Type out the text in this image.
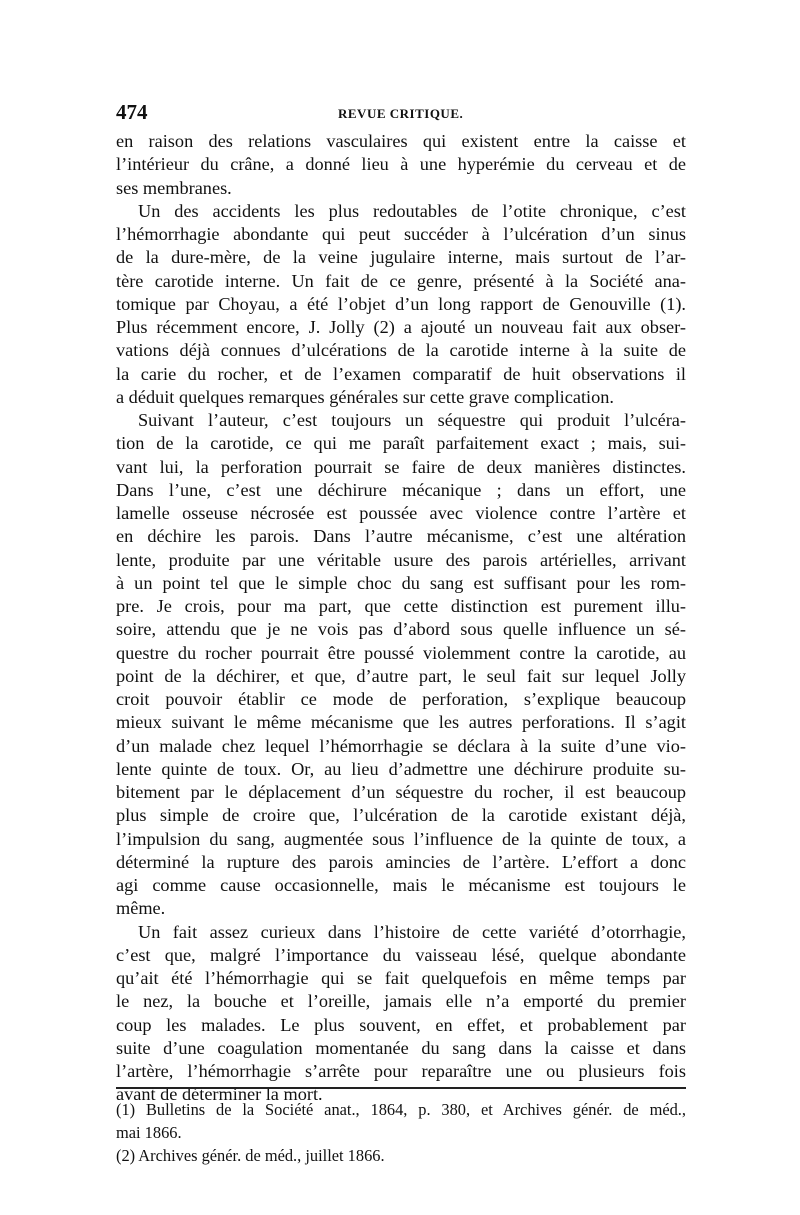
474	REVUE CRITIQUE.
en raison des relations vasculaires qui existent entre la caisse et
l’intérieur du crâne, a donné lieu à une hyperémie du cerveau et de
ses membranes.
Un des accidents les plus redoutables de l’otite chronique, c’est
l’hémorrhagie abondante qui peut succéder à l’ulcération d’un sinus
de la dure-mère, de la veine jugulaire interne, mais surtout de l’ar-
tère carotide interne. Un fait de ce genre, présenté à la Société ana-
tomique par Choyau, a été l’objet d’un long rapport de Genouville (1).
Plus récemment encore, J. Jolly (2) a ajouté un nouveau fait aux obser-
vations déjà connues d’ulcérations de la carotide interne à la suite de
la carie du rocher, et de l’examen comparatif de huit observations il
a déduit quelques remarques générales sur cette grave complication.
Suivant l’auteur, c’est toujours un séquestre qui produit l’ulcéra-
tion de la carotide, ce qui me paraît parfaitement exact ; mais, sui-
vant lui, la perforation pourrait se faire de deux manières distinctes.
Dans l’une, c’est une déchirure mécanique ; dans un effort, une
lamelle osseuse nécrosée est poussée avec violence contre l’artère et
en déchire les parois. Dans l’autre mécanisme, c’est une altération
lente, produite par une véritable usure des parois artérielles, arrivant
à un point tel que le simple choc du sang est suffisant pour les rom-
pre. Je crois, pour ma part, que cette distinction est purement illu-
soire, attendu que je ne vois pas d’abord sous quelle influence un sé-
questre du rocher pourrait être poussé violemment contre la carotide, au
point de la déchirer, et que, d’autre part, le seul fait sur lequel Jolly
croit pouvoir établir ce mode de perforation, s’explique beaucoup
mieux suivant le même mécanisme que les autres perforations. Il s’agit
d’un malade chez lequel l’hémorrhagie se déclara à la suite d’une vio-
lente quinte de toux. Or, au lieu d’admettre une déchirure produite su-
bitement par le déplacement d’un séquestre du rocher, il est beaucoup
plus simple de croire que, l’ulcération de la carotide existant déjà,
l’impulsion du sang, augmentée sous l’influence de la quinte de toux, a
déterminé la rupture des parois amincies de l’artère. L’effort a donc
agi comme cause occasionnelle, mais le mécanisme est toujours le
même.
Un fait assez curieux dans l’histoire de cette variété d’otorrhagie,
c’est que, malgré l’importance du vaisseau lésé, quelque abondante
qu’ait été l’hémorrhagie qui se fait quelquefois en même temps par
le nez, la bouche et l’oreille, jamais elle n’a emporté du premier
coup les malades. Le plus souvent, en effet, et probablement par
suite d’une coagulation momentanée du sang dans la caisse et dans
l’artère, l’hémorrhagie s’arrête pour reparaître une ou plusieurs fois
avant de déterminer la mort.
(1) Bulletins de la Société anat., 1864, p. 380, et Archives génér. de méd.,
mai 1866.
(2) Archives génér. de méd., juillet 1866.
